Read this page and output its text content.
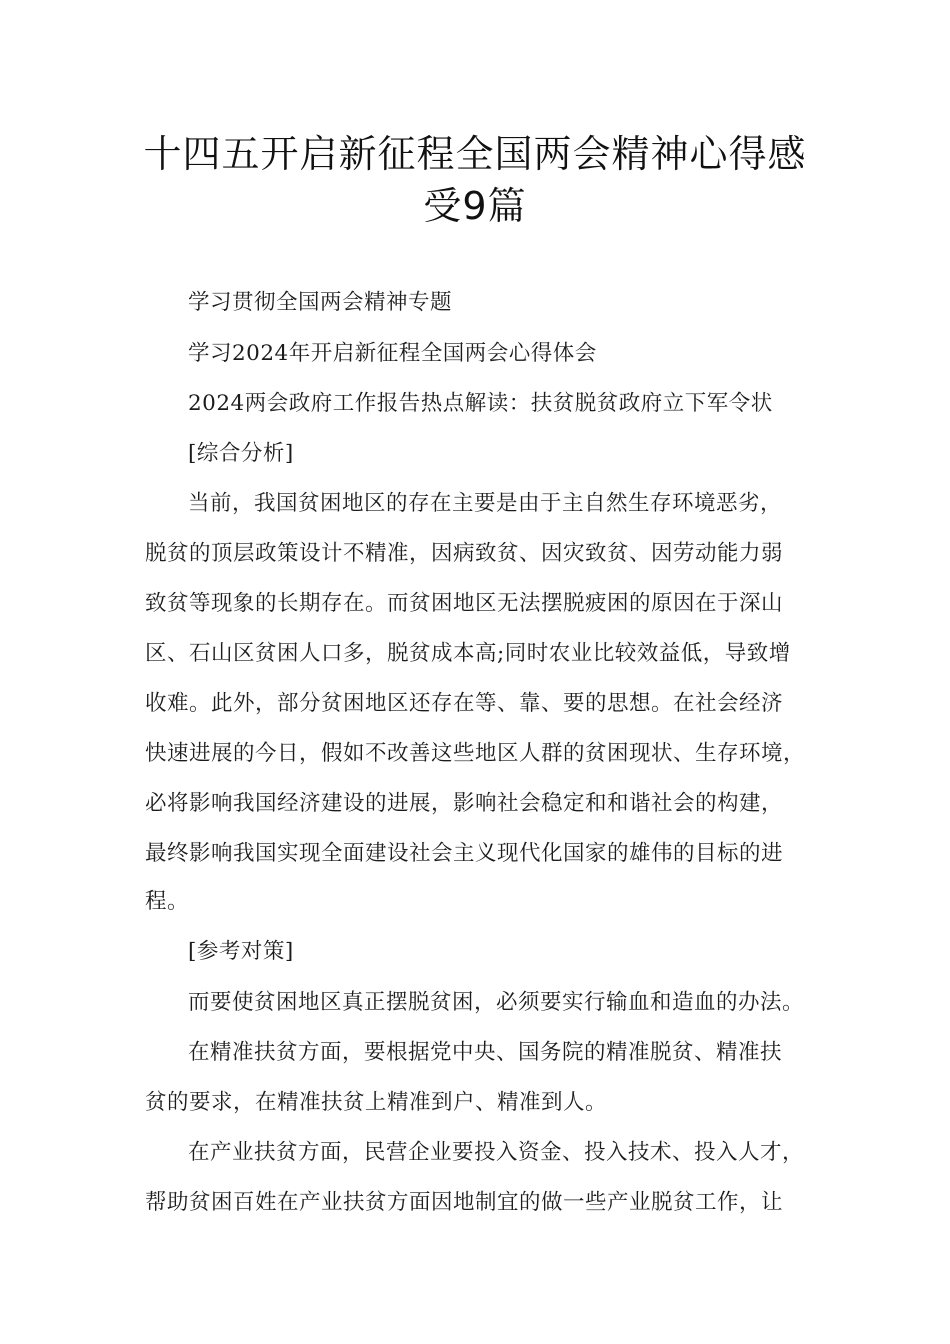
十四五开启新征程全国两会精神心得感
受9篇
学习贯彻全国两会精神专题
学习2024年开启新征程全国两会心得体会
2024两会政府工作报告热点解读：扶贫脱贫政府立下军令状
[综合分析]
当前，我国贫困地区的存在主要是由于主自然生存环境恶劣，
脱贫的顶层政策设计不精准，因病致贫、因灾致贫、因劳动能力弱
致贫等现象的长期存在。而贫困地区无法摆脱疲困的原因在于深山
区、石山区贫困人口多，脱贫成本高;同时农业比较效益低，导致增
收难。此外，部分贫困地区还存在等、靠、要的思想。在社会经济
快速进展的今日，假如不改善这些地区人群的贫困现状、生存环境，
必将影响我国经济建设的进展，影响社会稳定和和谐社会的构建，
最终影响我国实现全面建设社会主义现代化国家的雄伟的目标的进
程。
[参考对策]
而要使贫困地区真正摆脱贫困，必须要实行输血和造血的办法。
在精准扶贫方面，要根据党中央、国务院的精准脱贫、精准扶
贫的要求，在精准扶贫上精准到户、精准到人。
在产业扶贫方面，民营企业要投入资金、投入技术、投入人才，
帮助贫困百姓在产业扶贫方面因地制宜的做一些产业脱贫工作，让
